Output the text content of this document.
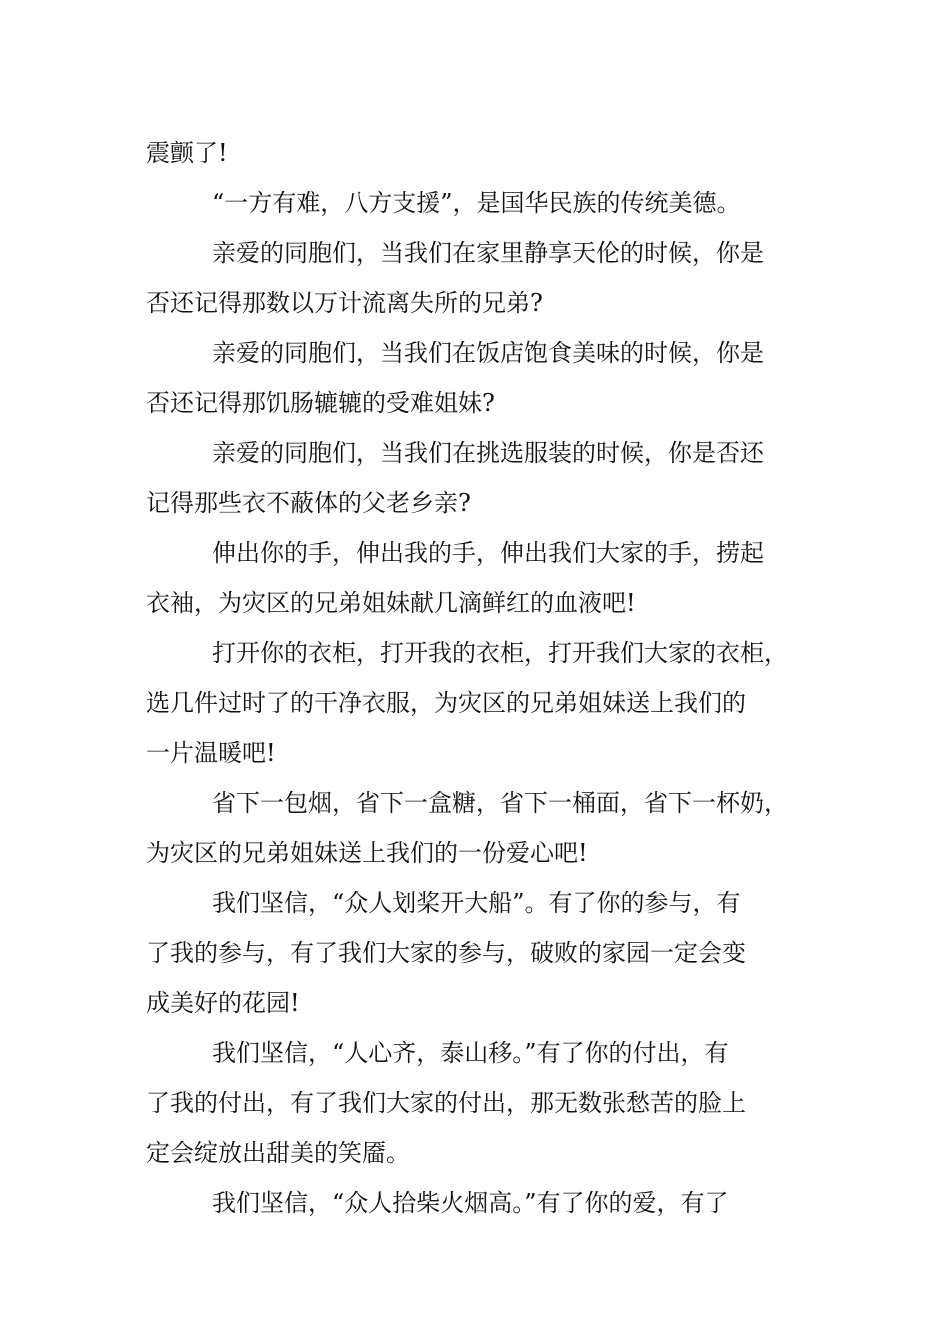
震颤了!
“一方有难，八方支援”，是国华民族的传统美德。
亲爱的同胞们，当我们在家里静享天伦的时候，你是
否还记得那数以万计流离失所的兄弟?
亲爱的同胞们，当我们在饭店饱食美味的时候，你是
否还记得那饥肠辘辘的受难姐妹?
亲爱的同胞们，当我们在挑选服装的时候，你是否还
记得那些衣不蔽体的父老乡亲?
伸出你的手，伸出我的手，伸出我们大家的手，捞起
衣袖，为灾区的兄弟姐妹献几滴鲜红的血液吧!
打开你的衣柜，打开我的衣柜，打开我们大家的衣柜，
选几件过时了的干净衣服，为灾区的兄弟姐妹送上我们的
一片温暖吧!
省下一包烟，省下一盒糖，省下一桶面，省下一杯奶，
为灾区的兄弟姐妹送上我们的一份爱心吧!
我们坚信，“众人划桨开大船”。有了你的参与，有
了我的参与，有了我们大家的参与，破败的家园一定会变
成美好的花园!
我们坚信，“人心齐，泰山移。”有了你的付出，有
了我的付出，有了我们大家的付出，那无数张愁苦的脸上
定会绽放出甜美的笑靥。
我们坚信，“众人拾柴火烟高。”有了你的爱，有了
